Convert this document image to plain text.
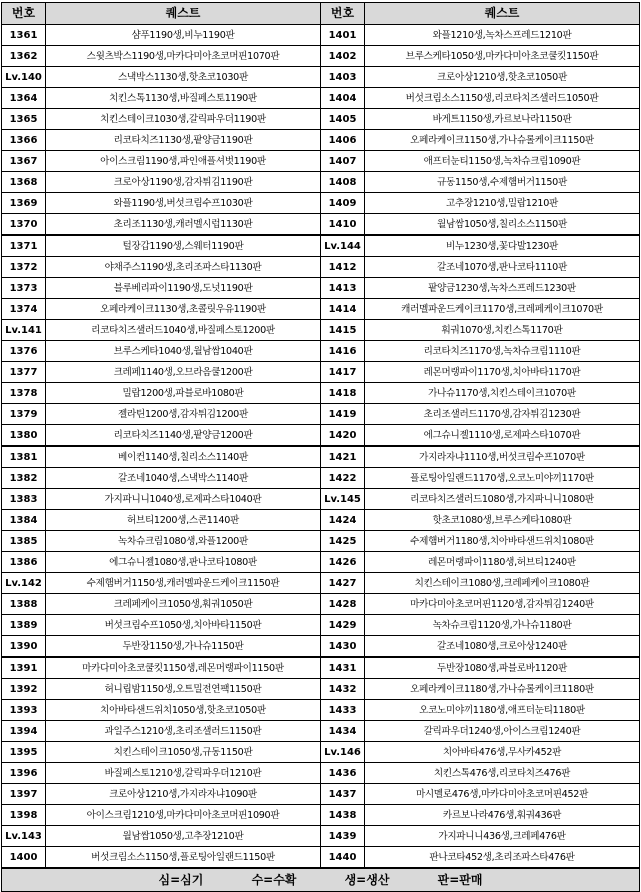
번호	퀘스트	번호	퀘스트
1361	샴푸1190생,비누1190판	1401	와플1210생,녹차스프레드1210판
1362	스윗츠박스1190생,마카다미아초코머핀1070판	1402	브루스케타1050생,마카다미아초코쿨킷1150판
Lv.140	스낵박스1130생,핫초코1030판	1403	크로아상1210생,핫초코1050판
1364	치킨스톡1130생,바질페스토1190판	1404	버섯크림소스1150생,리코타치즈샐러드1050판
1365	치킨스테이크1030생,갈릭파우더1190판	1405	바게트1150생,카르보나라1150판
1366	리코타치즈1130생,팥양금1190판	1406	오페라케이크1150생,가나슈롤케이크1150판
1367	아이스크림1190생,파인애플셔벗1190판	1407	애프터눈티1150생,녹차슈크림1090판
1368	크로아상1190생,감자튀김1190판	1408	규동1150생,수제햄버거1150판
1369	와플1190생,버섯크림수프1030판	1409	고추장1210생,밀랍1210판
1370	초리조1130생,캐러멜시럽1130판	1410	월남쌈1050생,칠리소스1150판
1371	털장갑1190생,스웨터1190판	Lv.144	비누1230생,꽃다발1230판
1372	야채주스1190생,초리조파스타1130판	1412	갈조네1070생,판나코타1110판
1373	블루베리파이1190생,도넛1190판	1413	팥양금1230생,녹차스프레드1230판
1374	오페라케이크1130생,초콜릿우유1190판	1414	캐러멜파운드케이크1170생,크레페케이크1070판
Lv.141	리코타치즈샐러드1040생,바질페스토1200판	1415	훠궈1070생,치킨스톡1170판
1376	브루스케타1040생,월남쌈1040판	1416	리코타치즈1170생,녹차슈크림1110판
1377	크레페1140생,오므라음쿨1200판	1417	레몬머랭파이1170생,치아바타1170판
1378	밀랍1200생,파블로바1080판	1418	가나슈1170생,치킨스테이크1070판
1379	젤라틴1200생,감자튀김1200판	1419	초리조샐러드1170생,감자튀김1230판
1380	리코타치즈1140생,팥양금1200판	1420	에그슈니젤1110생,로제파스타1070판
1381	베이컨1140생,칠리소스1140판	1421	가지라자냐1110생,버섯크림수프1070판
1382	갈조네1040생,스낵박스1140판	1422	플로팅아일랜드1170생,오코노미야끼1170판
1383	가지파니니1040생,로제파스타1040판	Lv.145	리코타치즈샐러드1080생,가지파니니1080판
1384	허브티1200생,스콘1140판	1424	핫초코1080생,브루스케타1080판
1385	녹차슈크림1080생,와플1200판	1425	수제햄버거1180생,치아바타샌드위치1080판
1386	에그슈니젤1080생,판나코타1080판	1426	레몬머랭파이1180생,허브티1240판
Lv.142	수제햄버거1150생,캐러멜파운드케이크1150판	1427	치킨스테이크1080생,크레페케이크1080판
1388	크레페케이크1050생,훠궈1050판	1428	마카다미아초코머핀1120생,감자튀김1240판
1389	버섯크림수프1050생,치아바타1150판	1429	녹차슈크림1120생,가나슈1180판
1390	두반장1150생,가나슈1150판	1430	갈조네1080생,크로아상1240판
1391	마카다미아초코쿨킷1150생,레몬머랭파이1150판	1431	두반장1080생,파블로바1120판
1392	허니립밤1150생,오트밀전연팩1150판	1432	오페라케이크1180생,가나슈롤케이크1180판
1393	치아바타샌드위치1050생,핫초코1050판	1433	오코노미야끼1180생,애프터눈티1180판
1394	과일주스1210생,초리조샐러드1150판	1434	갈릭파우더1240생,아이스크림1240판
1395	치킨스테이크1050생,규동1150판	Lv.146	치아바타476생,무사카452판
1396	바질페스토1210생,갈릭파우더1210판	1436	치킨스톡476생,리코타치즈476판
1397	크로아상1210생,가지라자냐1090판	1437	마시멜로476생,마카다미아초코머핀452판
1398	아이스크림1210생,마카다미아초코머핀1090판	1438	카르보나라476생,훠궈436판
Lv.143	월남쌈1050생,고추장1210판	1439	가지파니니436생,크레페476판
1400	버섯크림소스1150생,플로팅아일랜드1150판	1440	판나코타452생,초리조파스타476판
심=심기 수=수확 생=생산 판=판매			
